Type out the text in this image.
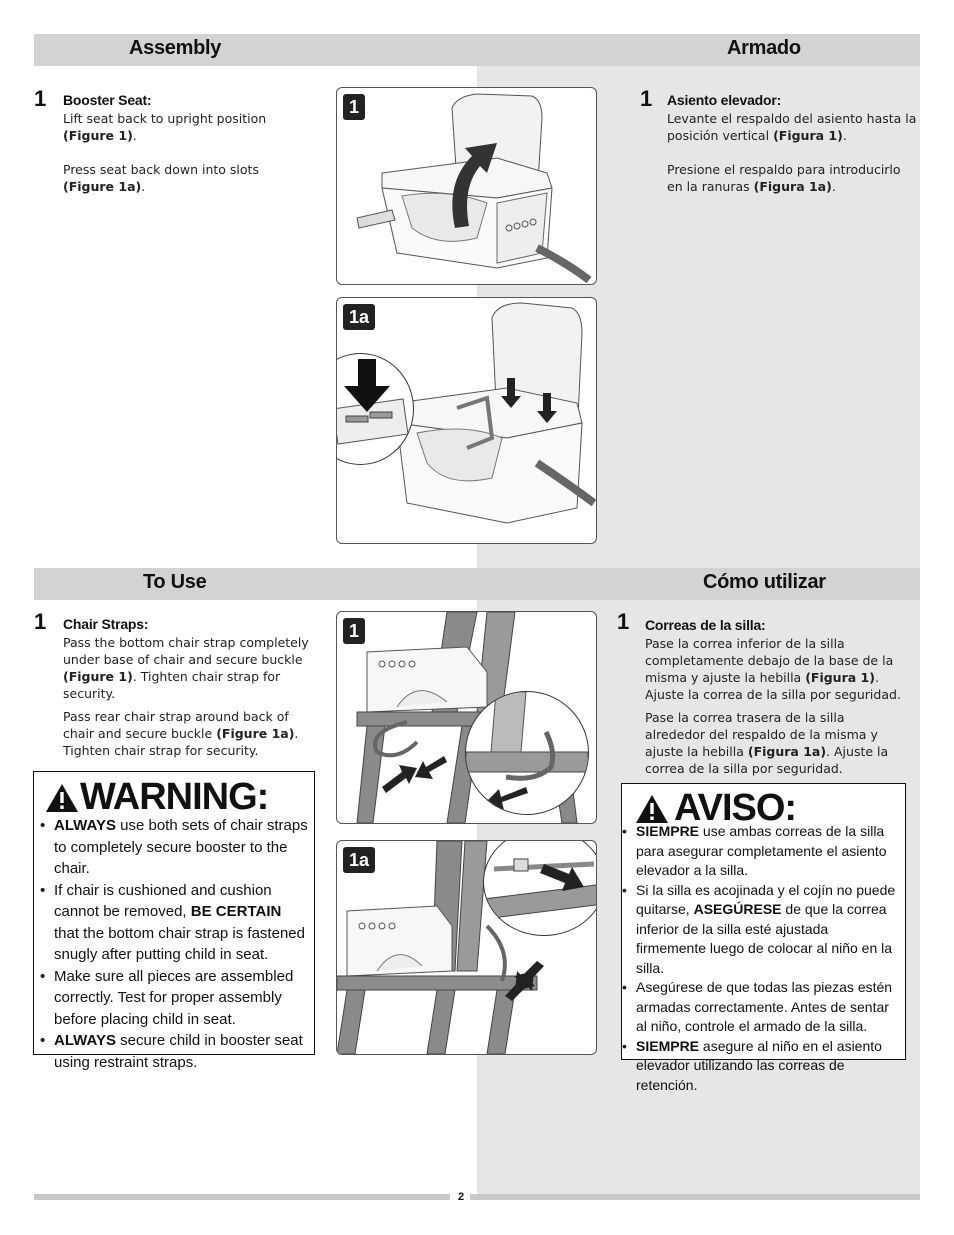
Assembly	Armado
1 Booster Seat:
Lift seat back to upright position
(Figure 1).
Press seat back down into slots
(Figure 1a).
1 Asiento elevador:
Levante el respaldo del asiento hasta la posición vertical (Figura 1).
Presione el respaldo para introducirlo en la ranuras (Figura 1a).
1
1a
To Use	Cómo utilizar
1 Chair Straps:
Pass the bottom chair strap completely under base of chair and secure buckle (Figure 1). Tighten chair strap for security.
Pass rear chair strap around back of chair and secure buckle (Figure 1a). Tighten chair strap for security.
1 Correas de la silla:
Pase la correa inferior de la silla completamente debajo de la base de la misma y ajuste la hebilla (Figura 1). Ajuste la correa de la silla por seguridad.
Pase la correa trasera de la silla alrededor del respaldo de la misma y ajuste la hebilla (Figura 1a). Ajuste la correa de la silla por seguridad.
1
1a
WARNING:
• ALWAYS use both sets of chair straps to completely secure booster to the chair.
• If chair is cushioned and cushion cannot be removed, BE CERTAIN that the bottom chair strap is fastened snugly after putting child in seat.
• Make sure all pieces are assembled correctly. Test for proper assembly before placing child in seat.
• ALWAYS secure child in booster seat using restraint straps.
AVISO:
• SIEMPRE use ambas correas de la silla para asegurar completamente el asiento elevador a la silla.
• Si la silla es acojinada y el cojín no puede quitarse, ASEGÚRESE de que la correa inferior de la silla esté ajustada firmemente luego de colocar al niño en la silla.
• Asegúrese de que todas las piezas estén armadas correctamente. Antes de sentar al niño, controle el armado de la silla.
• SIEMPRE asegure al niño en el asiento elevador utilizando las correas de retención.
2
